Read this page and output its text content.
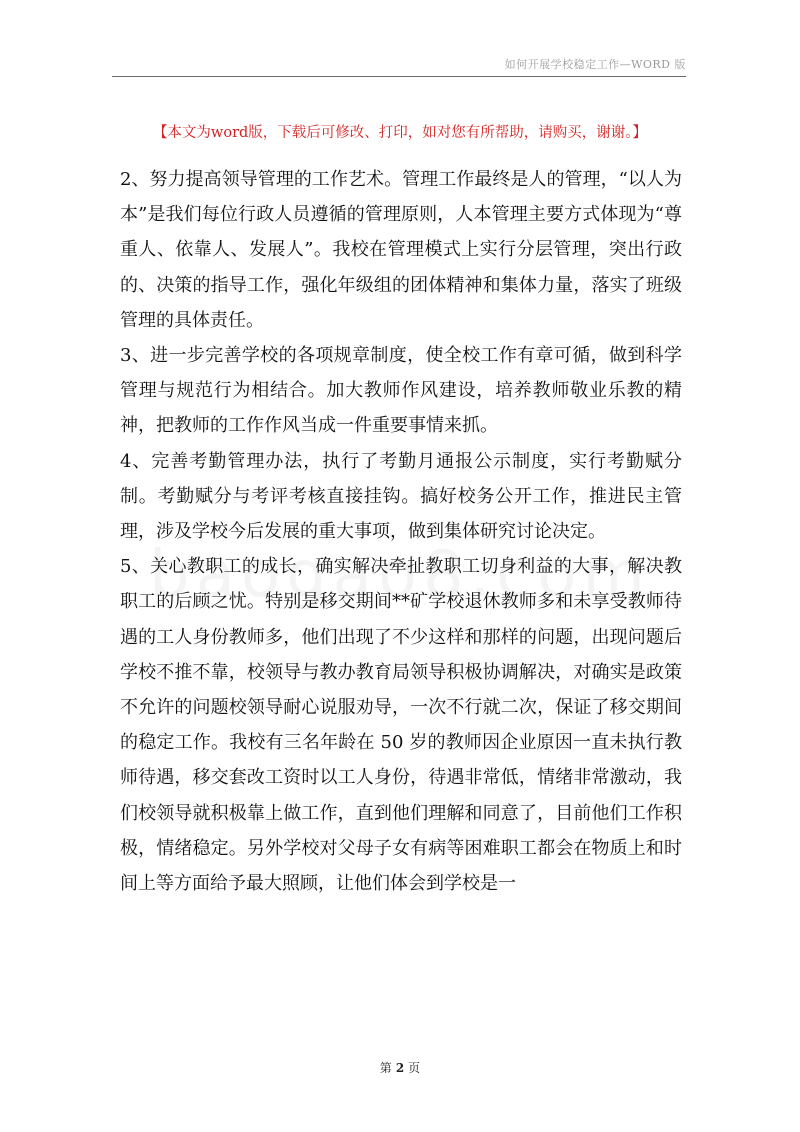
如何开展学校稳定工作—WORD 版
【本文为word版，下载后可修改、打印，如对您有所帮助，请购买，谢谢。】

2、努力提高领导管理的工作艺术。管理工作最终是人的管理，“以人为本”是我们每位行政人员遵循的管理原则，人本管理主要方式体现为“尊重人、依靠人、发展人”。我校在管理模式上实行分层管理，突出行政的、决策的指导工作，强化年级组的团体精神和集体力量，落实了班级管理的具体责任。

3、进一步完善学校的各项规章制度，使全校工作有章可循，做到科学管理与规范行为相结合。加大教师作风建设，培养教师敬业乐教的精神，把教师的工作作风当成一件重要事情来抓。

4、完善考勤管理办法，执行了考勤月通报公示制度，实行考勤赋分制。考勤赋分与考评考核直接挂钩。搞好校务公开工作，推进民主管理，涉及学校今后发展的重大事项，做到集体研究讨论决定。

5、关心教职工的成长，确实解决牵扯教职工切身利益的大事，解决教职工的后顾之忧。特别是移交期间**矿学校退休教师多和未享受教师待遇的工人身份教师多，他们出现了不少这样和那样的问题，出现问题后学校不推不靠，校领导与教办教育局领导积极协调解决，对确实是政策不允许的问题校领导耐心说服劝导，一次不行就二次，保证了移交期间的稳定工作。我校有三名年龄在 50 岁的教师因企业原因一直未执行教师待遇，移交套改工资时以工人身份，待遇非常低，情绪非常激动，我们校领导就积极靠上做工作，直到他们理解和同意了，目前他们工作积极，情绪稳定。另外学校对父母子女有病等困难职工都会在物质上和时间上等方面给予最大照顾，让他们体会到学校是一

第 2 页
